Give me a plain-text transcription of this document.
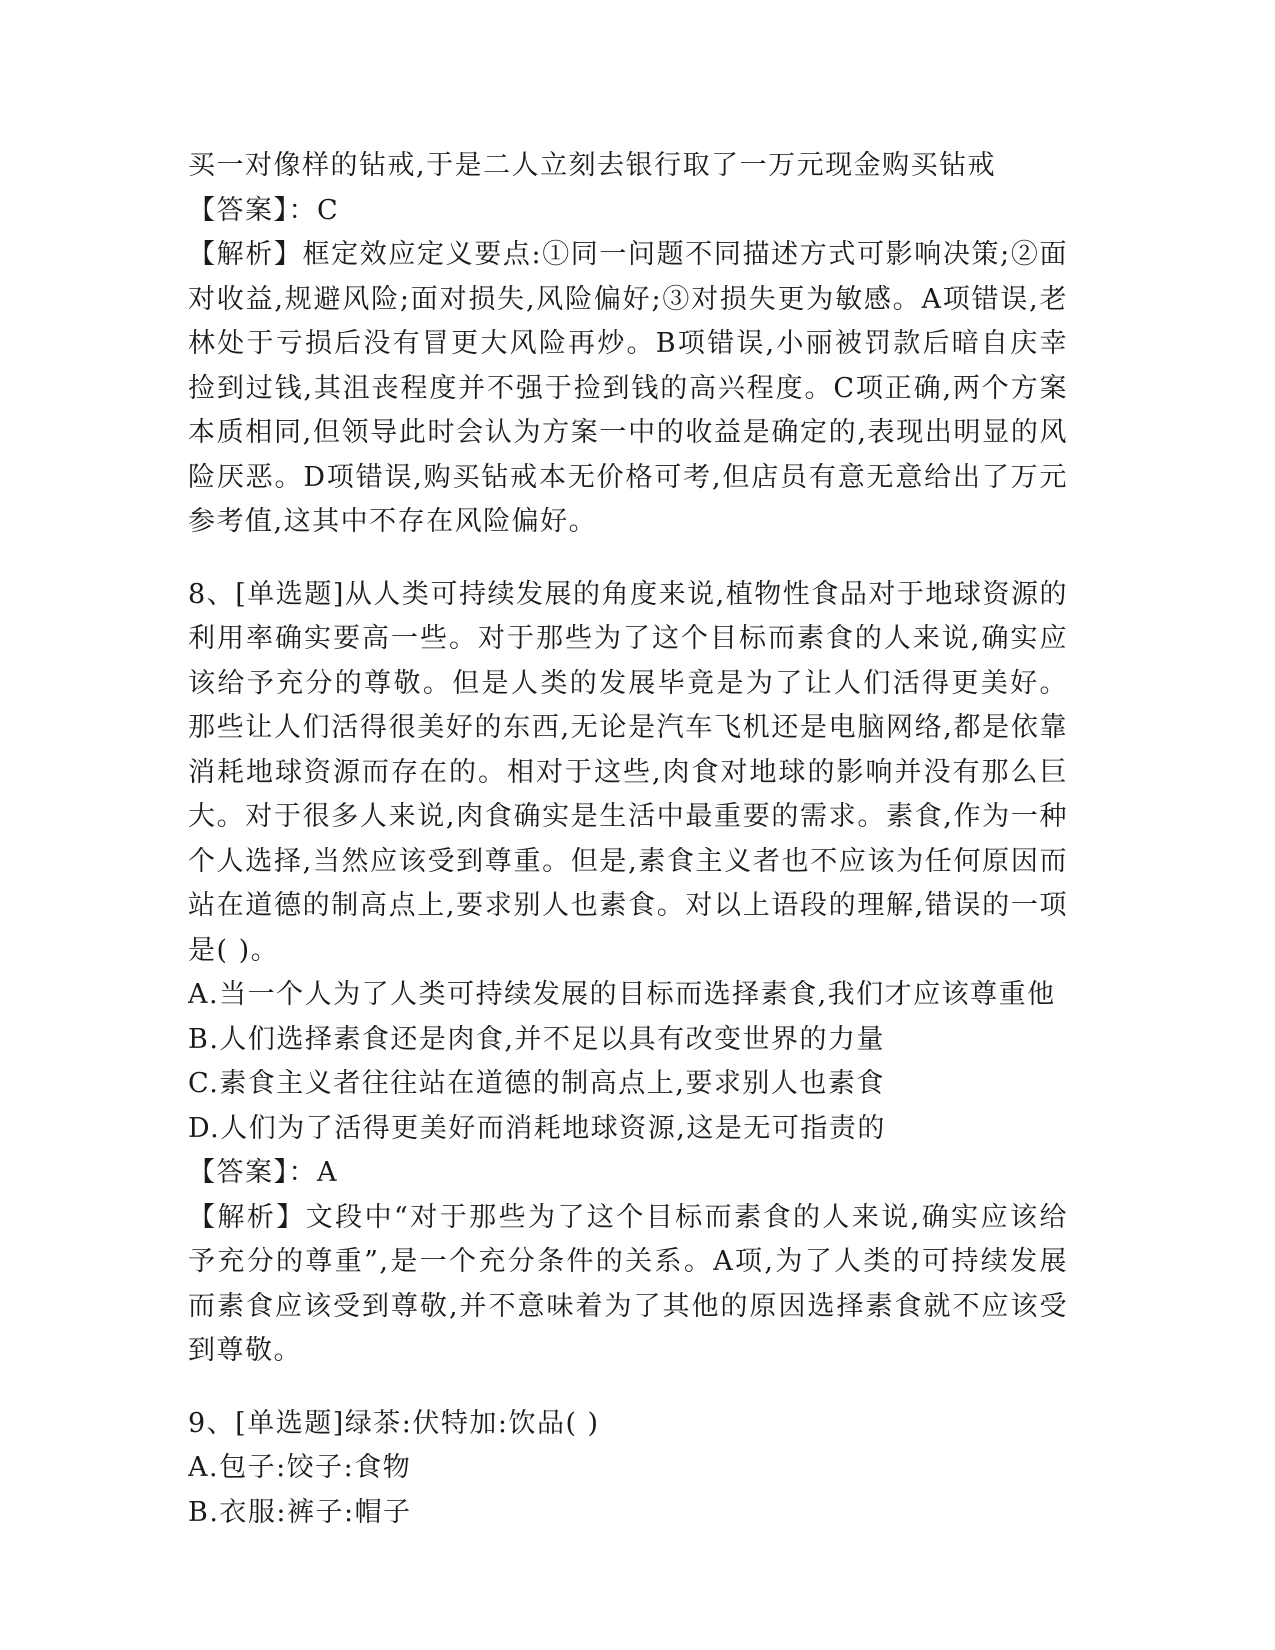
买一对像样的钻戒,于是二人立刻去银行取了一万元现金购买钻戒
【答案】：C
【解析】框定效应定义要点:①同一问题不同描述方式可影响决策;②面对收益,规避风险;面对损失,风险偏好;③对损失更为敏感。A项错误,老林处于亏损后没有冒更大风险再炒。B项错误,小丽被罚款后暗自庆幸捡到过钱,其沮丧程度并不强于捡到钱的高兴程度。C项正确,两个方案本质相同,但领导此时会认为方案一中的收益是确定的,表现出明显的风险厌恶。D项错误,购买钻戒本无价格可考,但店员有意无意给出了万元参考值,这其中不存在风险偏好。
8、[单选题]从人类可持续发展的角度来说,植物性食品对于地球资源的利用率确实要高一些。对于那些为了这个目标而素食的人来说,确实应该给予充分的尊敬。但是人类的发展毕竟是为了让人们活得更美好。那些让人们活得很美好的东西,无论是汽车飞机还是电脑网络,都是依靠消耗地球资源而存在的。相对于这些,肉食对地球的影响并没有那么巨大。对于很多人来说,肉食确实是生活中最重要的需求。素食,作为一种个人选择,当然应该受到尊重。但是,素食主义者也不应该为任何原因而站在道德的制高点上,要求别人也素食。对以上语段的理解,错误的一项是( )。
A.当一个人为了人类可持续发展的目标而选择素食,我们才应该尊重他
B.人们选择素食还是肉食,并不足以具有改变世界的力量
C.素食主义者往往站在道德的制高点上,要求别人也素食
D.人们为了活得更美好而消耗地球资源,这是无可指责的
【答案】：A
【解析】文段中“对于那些为了这个目标而素食的人来说,确实应该给予充分的尊重”,是一个充分条件的关系。A项,为了人类的可持续发展而素食应该受到尊敬,并不意味着为了其他的原因选择素食就不应该受到尊敬。
9、[单选题]绿茶:伏特加:饮品( )
A.包子:饺子:食物
B.衣服:裤子:帽子
